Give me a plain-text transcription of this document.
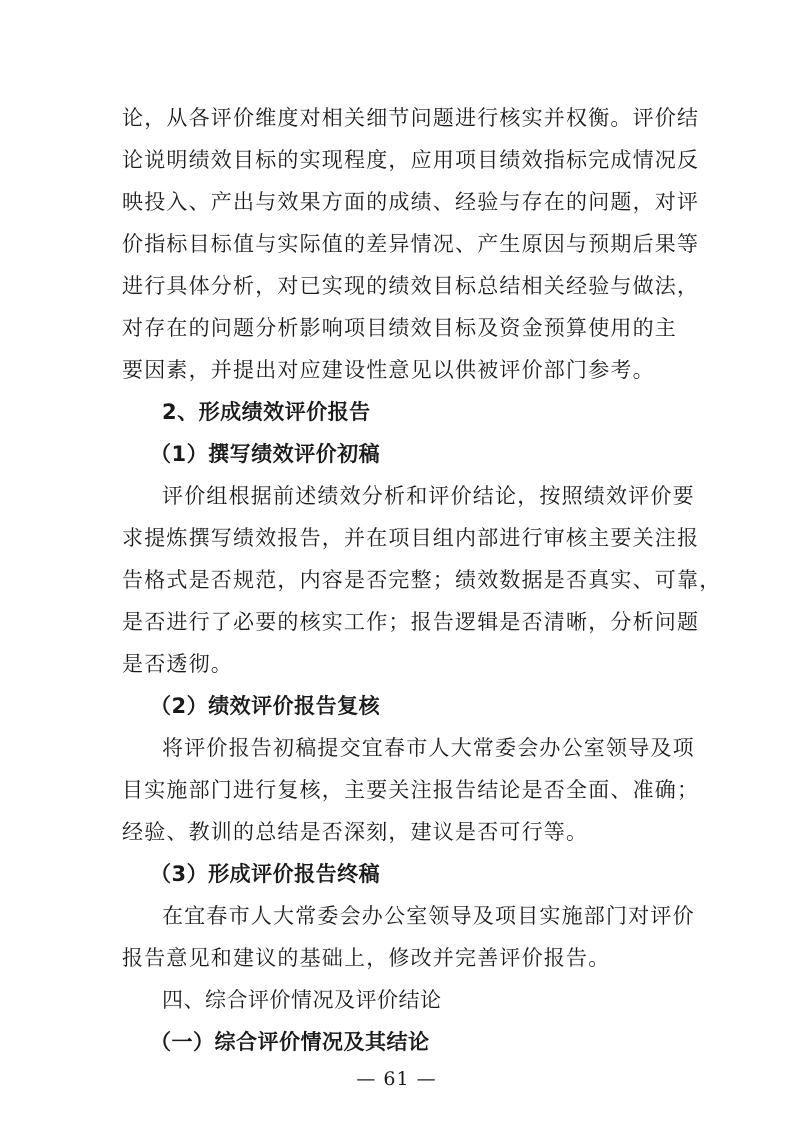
论，从各评价维度对相关细节问题进行核实并权衡。评价结
论说明绩效目标的实现程度，应用项目绩效指标完成情况反
映投入、产出与效果方面的成绩、经验与存在的问题，对评
价指标目标值与实际值的差异情况、产生原因与预期后果等
进行具体分析，对已实现的绩效目标总结相关经验与做法，
对存在的问题分析影响项目绩效目标及资金预算使用的主
要因素，并提出对应建设性意见以供被评价部门参考。
2、形成绩效评价报告
（1）撰写绩效评价初稿
评价组根据前述绩效分析和评价结论，按照绩效评价要
求提炼撰写绩效报告，并在项目组内部进行审核主要关注报
告格式是否规范，内容是否完整；绩效数据是否真实、可靠，
是否进行了必要的核实工作；报告逻辑是否清晰，分析问题
是否透彻。
（2）绩效评价报告复核
将评价报告初稿提交宜春市人大常委会办公室领导及项
目实施部门进行复核，主要关注报告结论是否全面、准确；
经验、教训的总结是否深刻，建议是否可行等。
（3）形成评价报告终稿
在宜春市人大常委会办公室领导及项目实施部门对评价
报告意见和建议的基础上，修改并完善评价报告。
四、综合评价情况及评价结论
（一）综合评价情况及其结论
— 61 —
